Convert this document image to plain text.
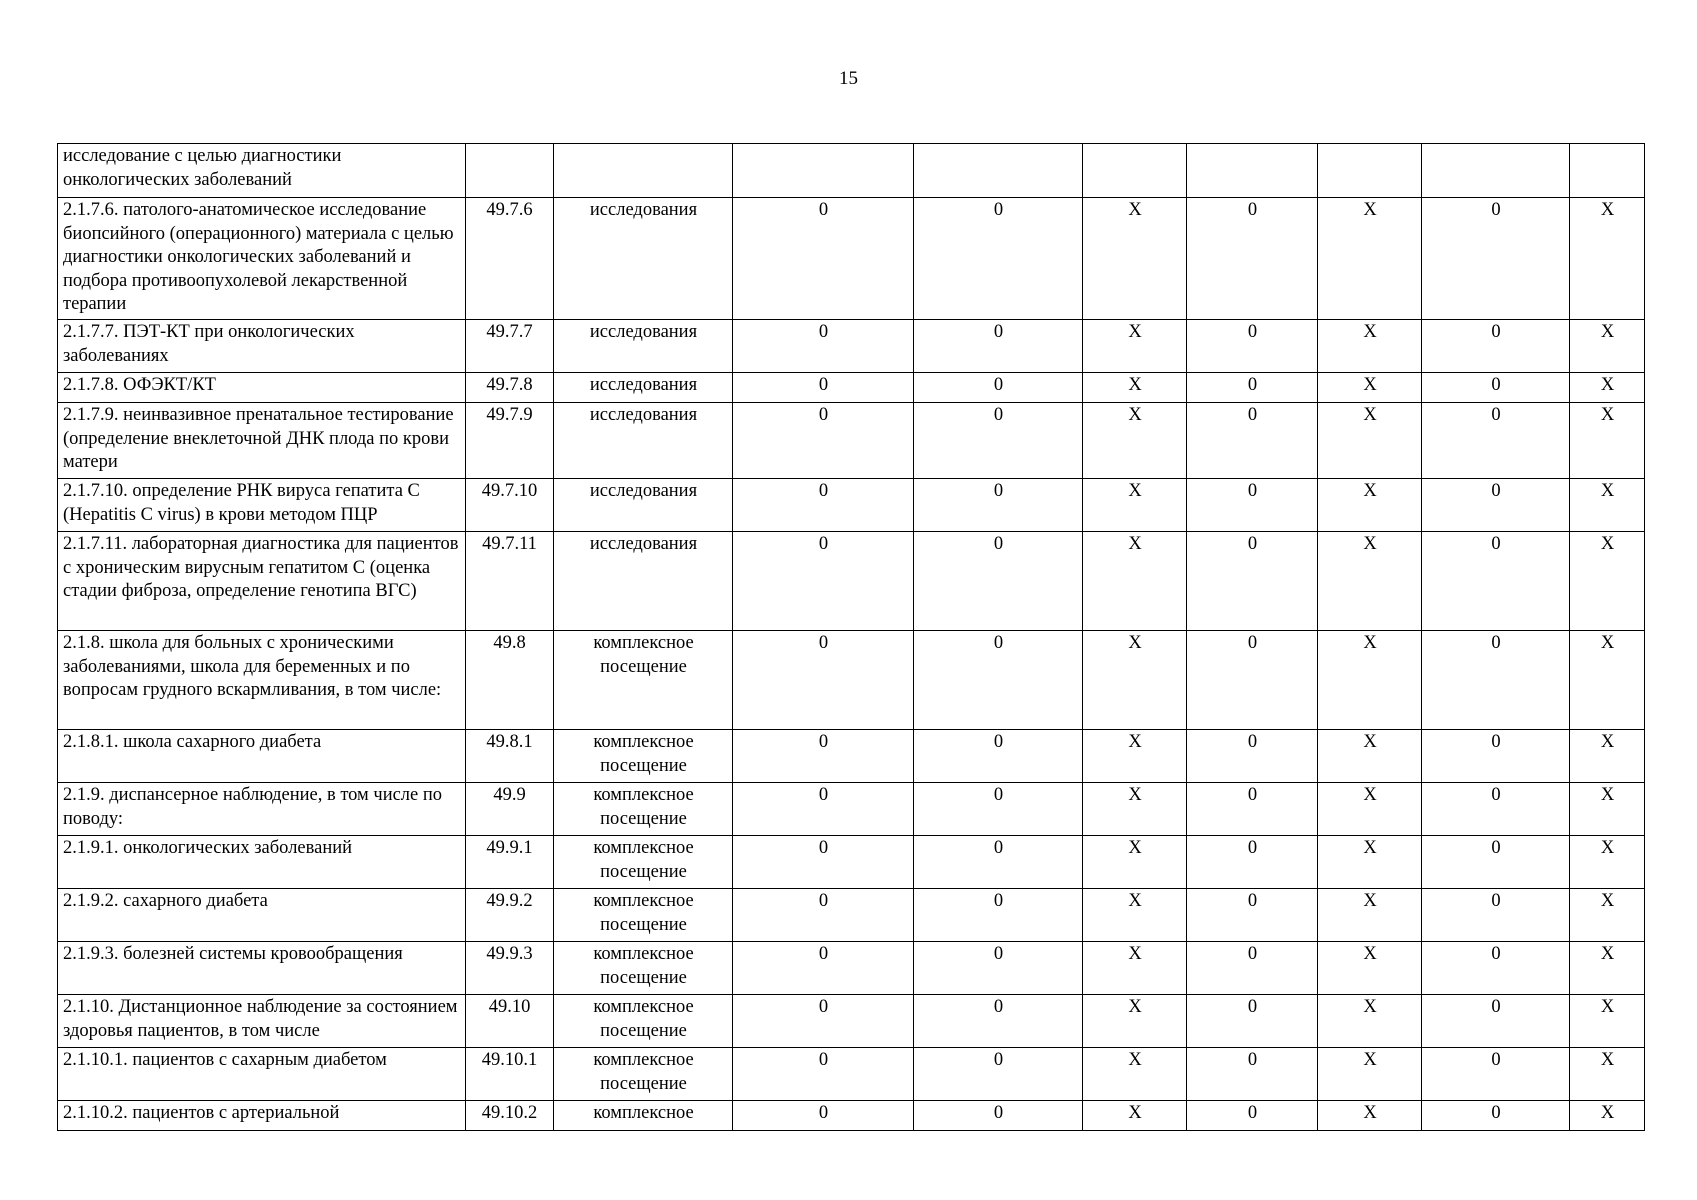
15
исследование с целью диагностики онкологических заболеваний									
2.1.7.6. патолого-анатомическое исследование биопсийного (операционного) материала с целью диагностики онкологических заболеваний и подбора противоопухолевой лекарственной терапии	49.7.6	исследования	0	0	X	0	X	0	X
2.1.7.7. ПЭТ-КТ при онкологических заболеваниях	49.7.7	исследования	0	0	X	0	X	0	X
2.1.7.8. ОФЭКТ/КТ	49.7.8	исследования	0	0	X	0	X	0	X
2.1.7.9. неинвазивное пренатальное тестирование (определение внеклеточной ДНК плода по крови матери	49.7.9	исследования	0	0	X	0	X	0	X
2.1.7.10. определение РНК вируса гепатита С (Hepatitis C virus) в крови методом ПЦР	49.7.10	исследования	0	0	X	0	X	0	X
2.1.7.11. лабораторная диагностика для пациентов с хроническим вирусным гепатитом С (оценка стадии фиброза, определение генотипа ВГС)	49.7.11	исследования	0	0	X	0	X	0	X
2.1.8. школа для больных с хроническими заболеваниями, школа для беременных и по вопросам грудного вскармливания, в том числе:	49.8	комплексное посещение	0	0	X	0	X	0	X
2.1.8.1. школа сахарного диабета	49.8.1	комплексное посещение	0	0	X	0	X	0	X
2.1.9. диспансерное наблюдение, в том числе по поводу:	49.9	комплексное посещение	0	0	X	0	X	0	X
2.1.9.1. онкологических заболеваний	49.9.1	комплексное посещение	0	0	X	0	X	0	X
2.1.9.2. сахарного диабета	49.9.2	комплексное посещение	0	0	X	0	X	0	X
2.1.9.3. болезней системы кровообращения	49.9.3	комплексное посещение	0	0	X	0	X	0	X
2.1.10. Дистанционное наблюдение за состоянием здоровья пациентов, в том числе	49.10	комплексное посещение	0	0	X	0	X	0	X
2.1.10.1. пациентов с сахарным диабетом	49.10.1	комплексное посещение	0	0	X	0	X	0	X
2.1.10.2. пациентов с артериальной	49.10.2	комплексное	0	0	X	0	X	0	X
